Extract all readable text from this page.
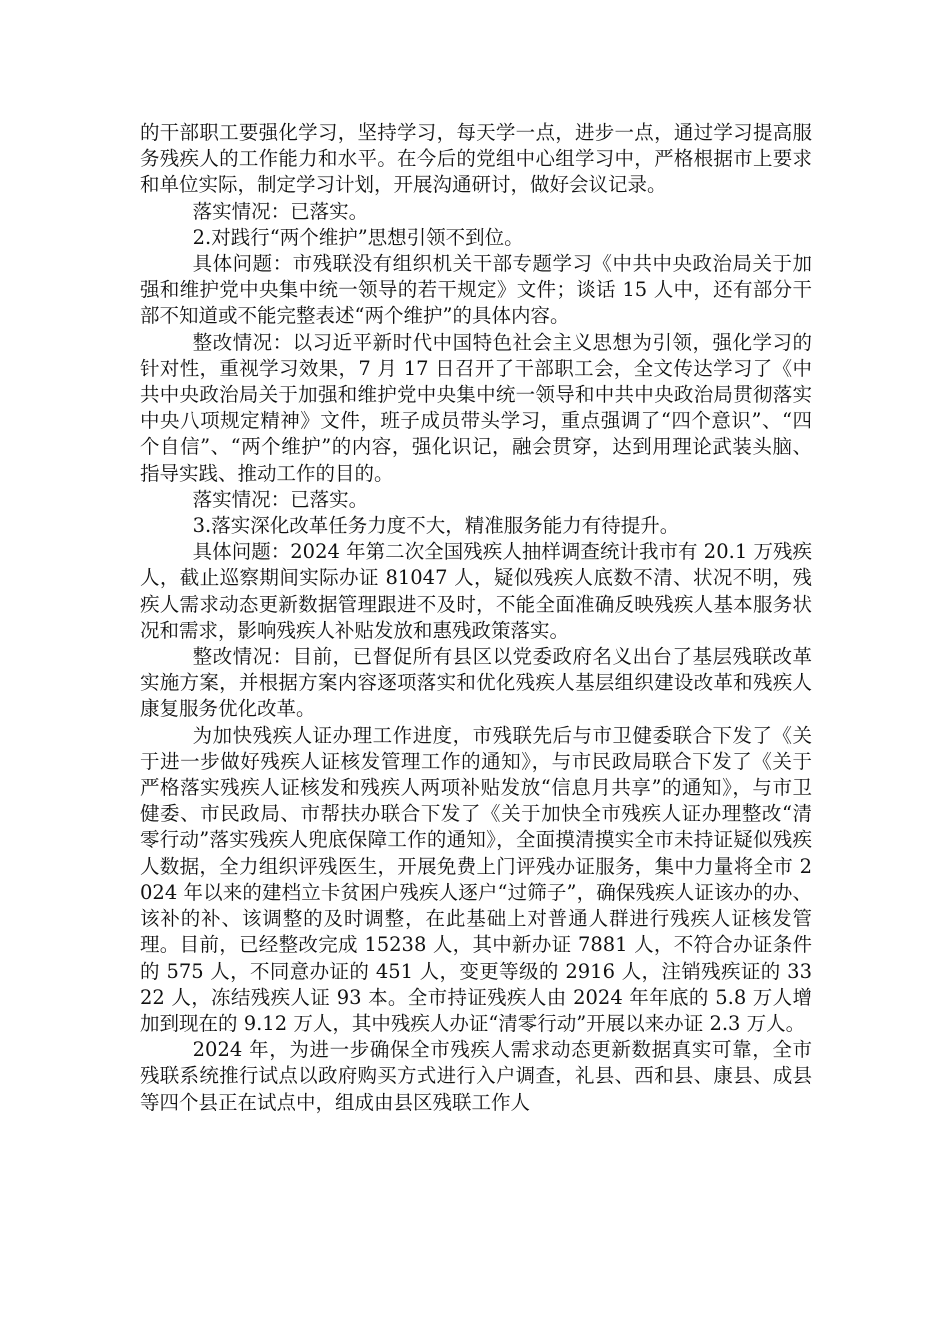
的干部职工要强化学习，坚持学习，每天学一点，进步一点，通过学习提高服务残疾人的工作能力和水平。在今后的党组中心组学习中，严格根据市上要求和单位实际，制定学习计划，开展沟通研讨，做好会议记录。

落实情况：已落实。

2.对践行“两个维护”思想引领不到位。

具体问题：市残联没有组织机关干部专题学习《中共中央政治局关于加强和维护党中央集中统一领导的若干规定》文件；谈话 15 人中，还有部分干部不知道或不能完整表述“两个维护”的具体内容。

整改情况：以习近平新时代中国特色社会主义思想为引领，强化学习的针对性，重视学习效果，7 月 17 日召开了干部职工会，全文传达学习了《中共中央政治局关于加强和维护党中央集中统一领导和中共中央政治局贯彻落实中央八项规定精神》文件，班子成员带头学习，重点强调了“四个意识”、“四个自信”、“两个维护”的内容，强化识记，融会贯穿，达到用理论武装头脑、指导实践、推动工作的目的。

落实情况：已落实。

3.落实深化改革任务力度不大，精准服务能力有待提升。

具体问题：2024 年第二次全国残疾人抽样调查统计我市有 20.1 万残疾人，截止巡察期间实际办证 81047 人，疑似残疾人底数不清、状况不明，残疾人需求动态更新数据管理跟进不及时，不能全面准确反映残疾人基本服务状况和需求，影响残疾人补贴发放和惠残政策落实。

整改情况：目前，已督促所有县区以党委政府名义出台了基层残联改革实施方案，并根据方案内容逐项落实和优化残疾人基层组织建设改革和残疾人康复服务优化改革。

为加快残疾人证办理工作进度，市残联先后与市卫健委联合下发了《关于进一步做好残疾人证核发管理工作的通知》，与市民政局联合下发了《关于严格落实残疾人证核发和残疾人两项补贴发放“信息月共享”的通知》，与市卫健委、市民政局、市帮扶办联合下发了《关于加快全市残疾人证办理整改“清零行动”落实残疾人兜底保障工作的通知》，全面摸清摸实全市未持证疑似残疾人数据，全力组织评残医生，开展免费上门评残办证服务，集中力量将全市 2024 年以来的建档立卡贫困户残疾人逐户“过筛子”，确保残疾人证该办的办、该补的补、该调整的及时调整，在此基础上对普通人群进行残疾人证核发管理。目前，已经整改完成 15238 人，其中新办证 7881 人，不符合办证条件的 575 人，不同意办证的 451 人，变更等级的 2916 人，注销残疾证的 3322 人，冻结残疾人证 93 本。全市持证残疾人由 2024 年年底的 5.8 万人增加到现在的 9.12 万人，其中残疾人办证“清零行动”开展以来办证 2.3 万人。

2024 年，为进一步确保全市残疾人需求动态更新数据真实可靠，全市残联系统推行试点以政府购买方式进行入户调查，礼县、西和县、康县、成县等四个县正在试点中，组成由县区残联工作人
